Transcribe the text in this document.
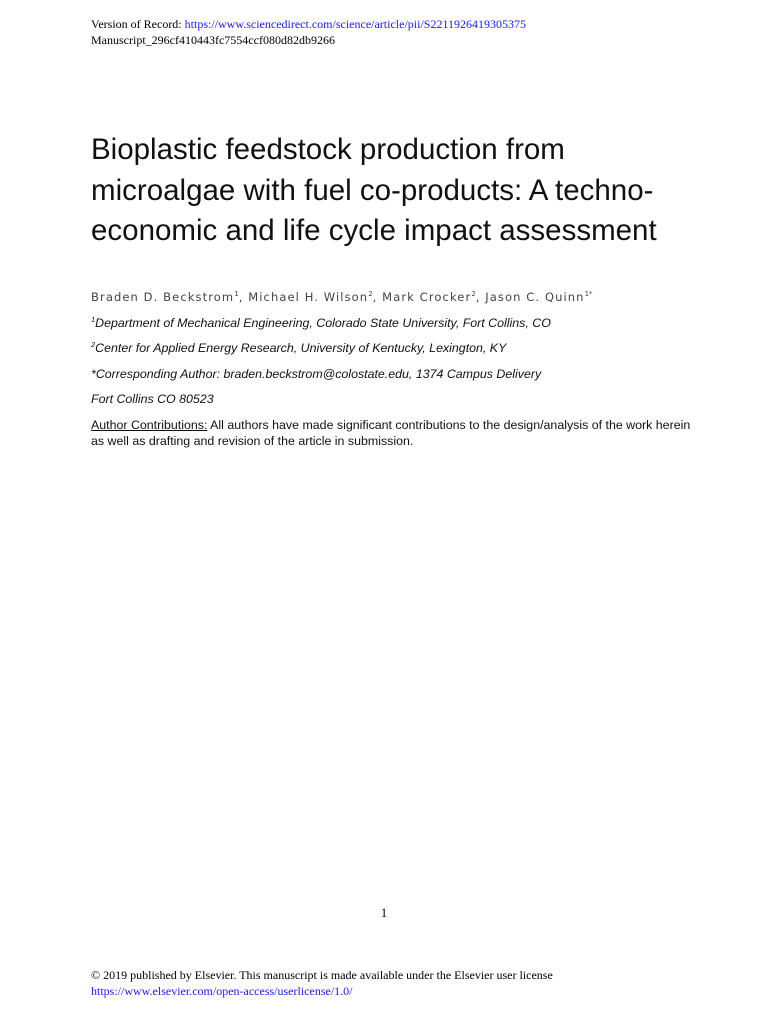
Version of Record: https://www.sciencedirect.com/science/article/pii/S2211926419305375
Manuscript_296cf410443fc7554ccf080d82db9266
Bioplastic feedstock production from microalgae with fuel co-products: A techno-economic and life cycle impact assessment
Braden D. Beckstrom$^1$, Michael H. Wilson$^2$, Mark Crocker$^2$, Jason C. Quinn$^{1*}$
$^1$Department of Mechanical Engineering, Colorado State University, Fort Collins, CO
$^2$Center for Applied Energy Research, University of Kentucky, Lexington, KY
*Corresponding Author: braden.beckstrom@colostate.edu, 1374 Campus Delivery
Fort Collins CO 80523
Author Contributions: All authors have made significant contributions to the design/analysis of the work herein as well as drafting and revision of the article in submission.
1
© 2019 published by Elsevier. This manuscript is made available under the Elsevier user license
https://www.elsevier.com/open-access/userlicense/1.0/
